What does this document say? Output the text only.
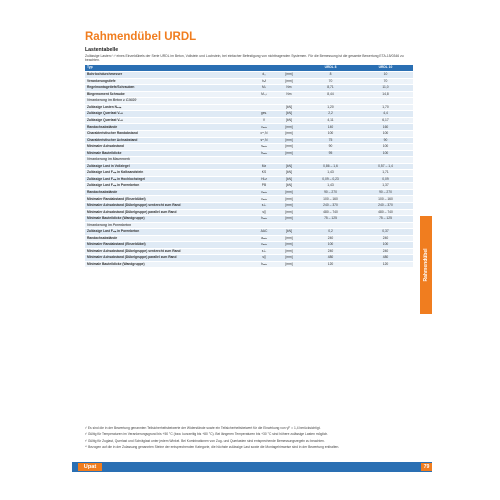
Rahmendübel URDL
Lastentabelle
Zulässige Lasten¹⁾ ²⁾ eines Einzeldübels der Serie URDL im Beton, Vollstein und Lochstein, bei einfacher Befestigung von nichttragenden Systemen. Für die Bemessung ist die gesamte Bewertung ETA-15/0346 zu beachten.
Typ			URDL 8	URDL 10
Bohrlochdurchmesser	d₀	[mm]	8	10
Verankerungstiefe	hₑf	[mm]	70	70
Regelmontagetiefe/Schrauben	Mₛ	Nm	8,71	11,0
Biegemoment Schraube	Mᵣ,ₛ	Nm	8,44	14,8
Verankerung im Beton ≥ C16/20				
Zulässige Lasten Nₑᵣₘ		[kN]	1,20	1,70
Zulässige Querlast Vᵣₑₖ	ges.	[kN]	2,2	4,4
Zulässige Querlast Vᵣₑₖ	V	[kN]	4,11	6,17
Randachsabstände	cₘᵢₙ	[mm]	140	160
Charakteristischer Randabstand	cᶜʳ,N	[mm]	100	100
Charakteristischer Achsabstand	sᶜʳ,N	[mm]	75	90
Minimaler Achsabstand	sₘᵢₙ	[mm]	90	100
Minimale Bauteildicke	hₘᵢₙ	[mm]	95	100
Verankerung im Mauerwerk				
Zulässige Last in Vollziegel	Mz	[kN]	0,86 – 1,6	0,57 – 1,4
Zulässige Last Fₑₘ in Kalksandstein	KS	[kN]	1,43	1,71
Zulässige Last Fₑₘ in Hochlochziegel	HLz	[kN]	0,09 – 0,23	0,09
Zulässige Last Fₑₘ in Porenbeton	PB	[kN]	1,43	1,37
Randachsabstände	cₘᵢₙ	[mm]	90 – 270	90 – 270
Minimaler Randabstand (Einzeldübel)	cₘᵢₙ	[mm]	100 – 160	100 – 160
Minimaler Achsabstand (Dübelgruppe) senkrecht zum Rand	s⊥	[mm]	240 – 370	240 – 370
Minimaler Achsabstand (Dübelgruppe) parallel zum Rand	s∥	[mm]	480 – 740	480 – 740
Minimale Bauteildicke (Wandgruppe)	hₘᵢₙ	[mm]	75 – 125	75 – 125
Verankerung im Porenbeton				
Zulässige Last Fₑₘ in Porenbeton	AAC	[kN]	0,2	0,37
Randachsabstände	aₘᵢₙ	[mm]	240	240
Minimaler Randabstand (Einzeldübel)	cₘᵢₙ	[mm]	100	100
Minimaler Achsabstand (Dübelgruppe) senkrecht zum Rand	s⊥	[mm]	240	240
Minimaler Achsabstand (Dübelgruppe) parallel zum Rand	s∥	[mm]	480	480
Minimale Bauteildicke (Wandgruppe)	hₘᵢₙ	[mm]	120	120

¹⁾ Es sind die in der Bewertung genannten Teilsicherheitsbeiwerte der Widerstände sowie ein Teilsicherheitsbeiwert für die Einwirkung von γF = 1,4 berücksichtigt.

²⁾ Gültig für Temperaturen im Verankerungsgrund bis +50 °C (bzw. kurzzeitig bis +80 °C). Bei längeren Temperaturen bis +30 °C sind höhere zulässige Lasten möglich.

³⁾ Gültig für Zuglast, Querlast und Schräglast unter jedem Winkel. Bei Kombinationen von Zug- und Querlasten sind entsprechende Bemessungsregeln zu beachten.

⁴⁾ Bezogen auf die in der Zulassung genannten Steine der entsprechenden Kategorie, die höchste zulässige Last sowie die Montagehinweise sind in der Bewertung enthalten.

Rahmendübel
Upat	79
